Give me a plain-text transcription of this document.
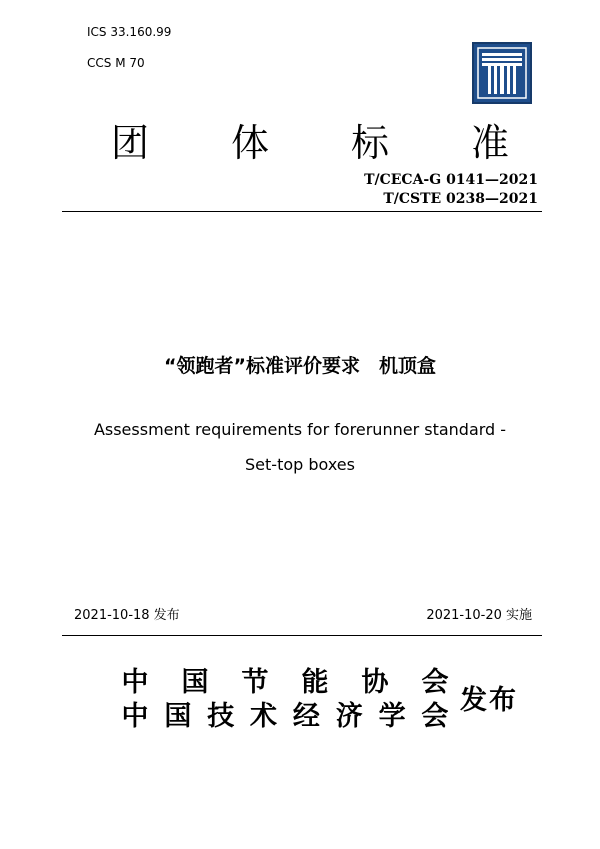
ICS 33.160.99
CCS M 70
团 体 标 准
T/CECA-G 0141—2021
T/CSTE 0238—2021
“领跑者”标准评价要求　机顶盒
Assessment requirements for forerunner standard -
Set-top boxes
2021-10-18 发布	2021-10-20 实施
中 国 节 能 协 会
中 国 技 术 经 济 学 会
发布
